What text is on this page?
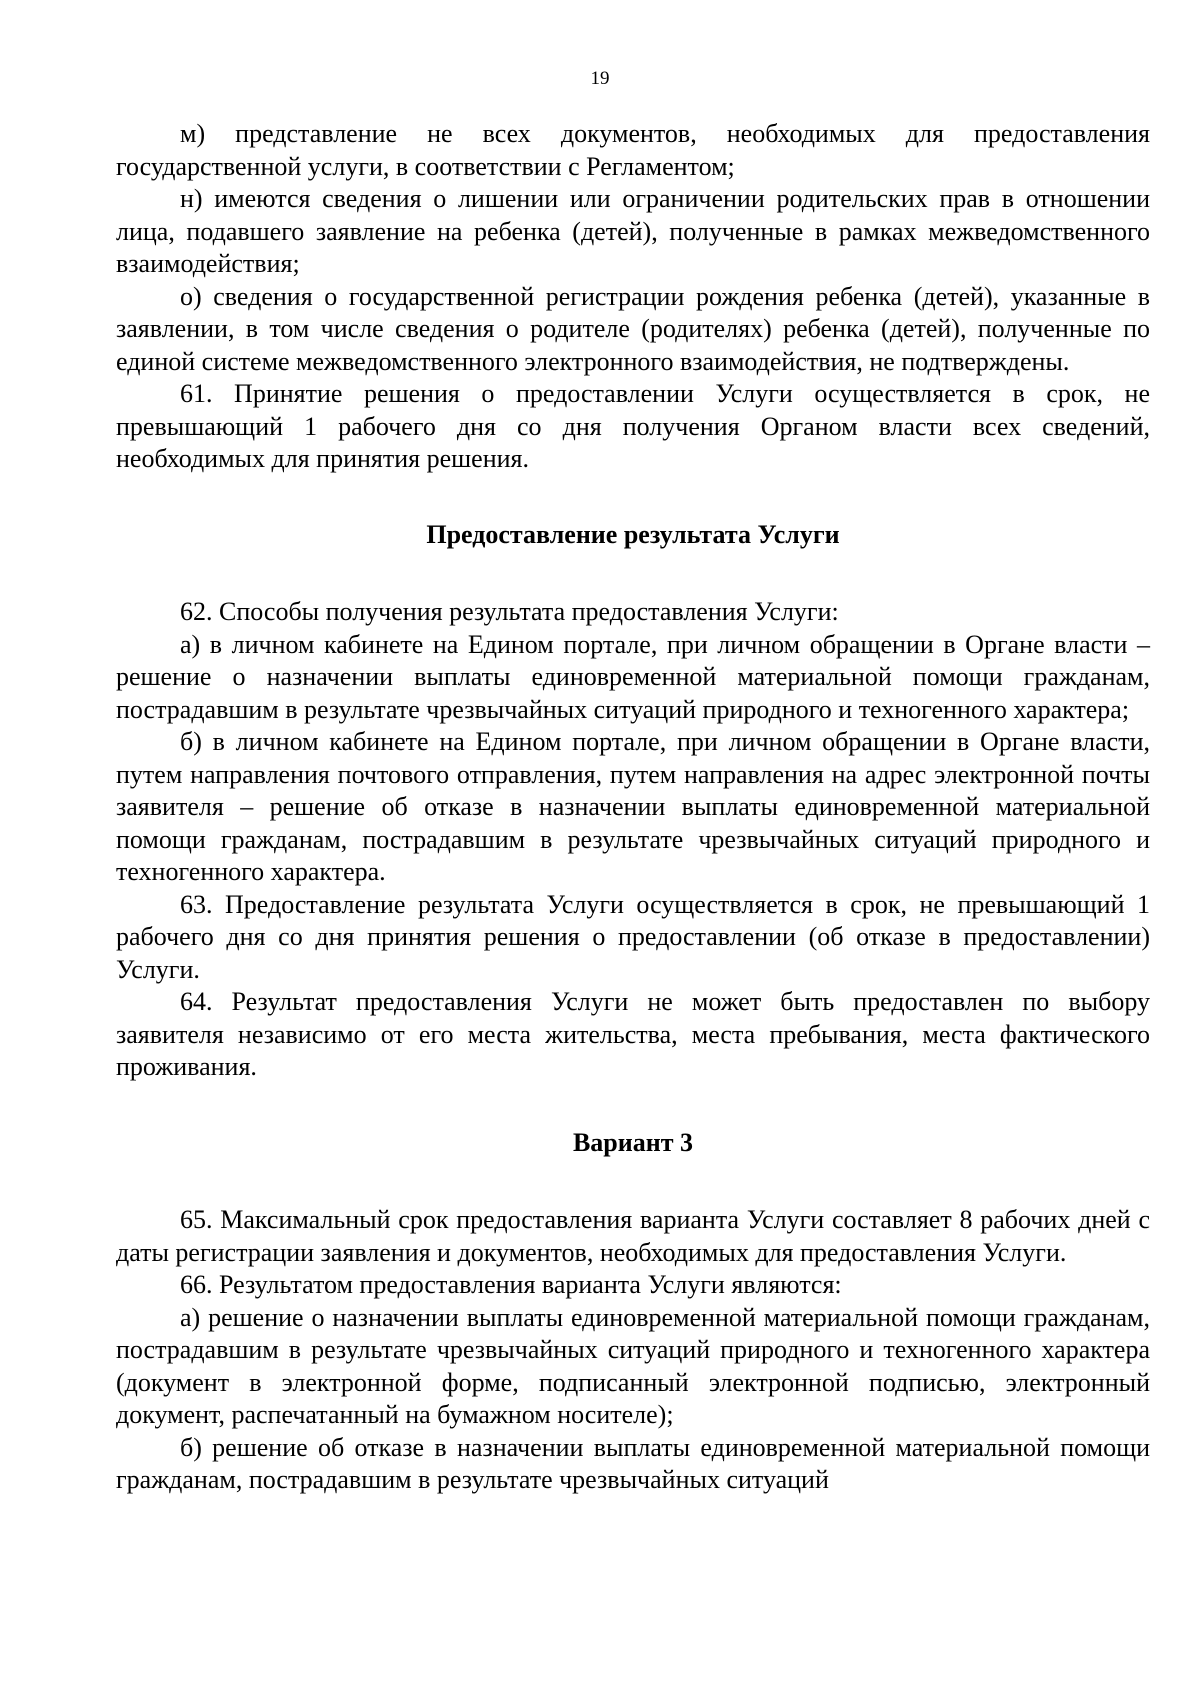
19

м) представление не всех документов, необходимых для предоставления государственной услуги, в соответствии с Регламентом;

н) имеются сведения о лишении или ограничении родительских прав в отношении лица, подавшего заявление на ребенка (детей), полученные в рамках межведомственного взаимодействия;

о) сведения о государственной регистрации рождения ребенка (детей), указанные в заявлении, в том числе сведения о родителе (родителях) ребенка (детей), полученные по единой системе межведомственного электронного взаимодействия, не подтверждены.

61. Принятие решения о предоставлении Услуги осуществляется в срок, не превышающий 1 рабочего дня со дня получения Органом власти всех сведений, необходимых для принятия решения.

Предоставление результата Услуги

62. Способы получения результата предоставления Услуги:

а) в личном кабинете на Едином портале, при личном обращении в Органе власти – решение о назначении выплаты единовременной материальной помощи гражданам, пострадавшим в результате чрезвычайных ситуаций природного и техногенного характера;

б) в личном кабинете на Едином портале, при личном обращении в Органе власти, путем направления почтового отправления, путем направления на адрес электронной почты заявителя – решение об отказе в назначении выплаты единовременной материальной помощи гражданам, пострадавшим в результате чрезвычайных ситуаций природного и техногенного характера.

63. Предоставление результата Услуги осуществляется в срок, не превышающий 1 рабочего дня со дня принятия решения о предоставлении (об отказе в предоставлении) Услуги.

64. Результат предоставления Услуги не может быть предоставлен по выбору заявителя независимо от его места жительства, места пребывания, места фактического проживания.

Вариант 3

65. Максимальный срок предоставления варианта Услуги составляет 8 рабочих дней с даты регистрации заявления и документов, необходимых для предоставления Услуги.

66. Результатом предоставления варианта Услуги являются:

а) решение о назначении выплаты единовременной материальной помощи гражданам, пострадавшим в результате чрезвычайных ситуаций природного и техногенного характера (документ в электронной форме, подписанный электронной подписью, электронный документ, распечатанный на бумажном носителе);

б) решение об отказе в назначении выплаты единовременной материальной помощи гражданам, пострадавшим в результате чрезвычайных ситуаций
